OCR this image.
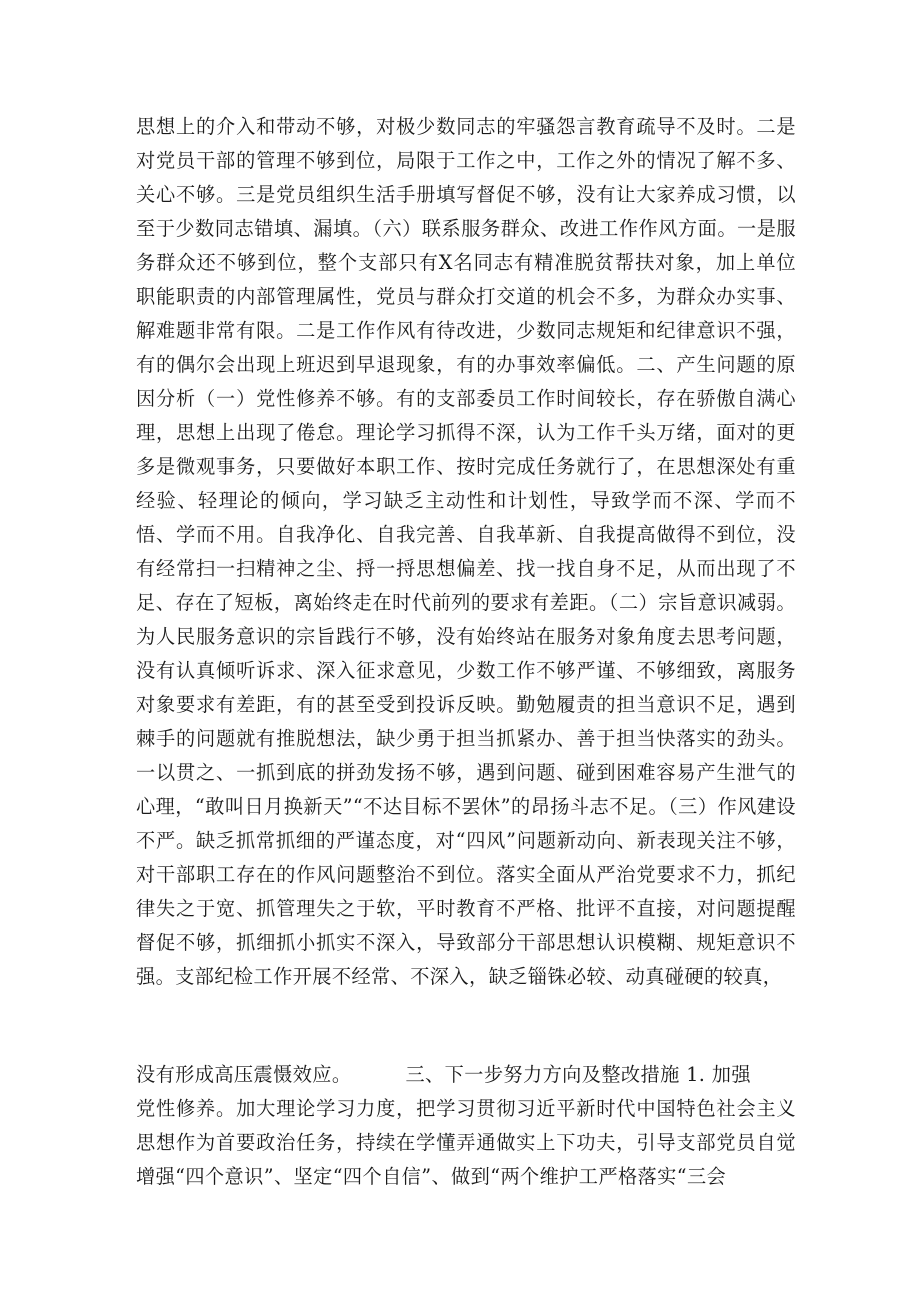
思想上的介入和带动不够，对极少数同志的牢骚怨言教育疏导不及时。二是对党员干部的管理不够到位，局限于工作之中，工作之外的情况了解不多、关心不够。三是党员组织生活手册填写督促不够，没有让大家养成习惯，以至于少数同志错填、漏填。（六）联系服务群众、改进工作作风方面。一是服务群众还不够到位，整个支部只有X名同志有精准脱贫帮扶对象，加上单位职能职责的内部管理属性，党员与群众打交道的机会不多，为群众办实事、解难题非常有限。二是工作作风有待改进，少数同志规矩和纪律意识不强，有的偶尔会出现上班迟到早退现象，有的办事效率偏低。二、产生问题的原因分析（一）党性修养不够。有的支部委员工作时间较长，存在骄傲自满心理，思想上出现了倦怠。理论学习抓得不深，认为工作千头万绪，面对的更多是微观事务，只要做好本职工作、按时完成任务就行了，在思想深处有重经验、轻理论的倾向，学习缺乏主动性和计划性，导致学而不深、学而不悟、学而不用。自我净化、自我完善、自我革新、自我提高做得不到位，没有经常扫一扫精神之尘、捋一捋思想偏差、找一找自身不足，从而出现了不足、存在了短板，离始终走在时代前列的要求有差距。（二）宗旨意识减弱。为人民服务意识的宗旨践行不够，没有始终站在服务对象角度去思考问题，没有认真倾听诉求、深入征求意见，少数工作不够严谨、不够细致，离服务对象要求有差距，有的甚至受到投诉反映。勤勉履责的担当意识不足，遇到棘手的问题就有推脱想法，缺少勇于担当抓紧办、善于担当快落实的劲头。一以贯之、一抓到底的拼劲发扬不够，遇到问题、碰到困难容易产生泄气的心理，“敢叫日月换新天”“不达目标不罢休”的昂扬斗志不足。（三）作风建设不严。缺乏抓常抓细的严谨态度，对“四风”问题新动向、新表现关注不够，对干部职工存在的作风问题整治不到位。落实全面从严治党要求不力，抓纪律失之于宽、抓管理失之于软，平时教育不严格、批评不直接，对问题提醒督促不够，抓细抓小抓实不深入，导致部分干部思想认识模糊、规矩意识不强。支部纪检工作开展不经常、不深入，缺乏锱铢必较、动真碰硬的较真，

没有形成高压震慑效应。	三、下一步努力方向及整改措施 1. 加强

党性修养。加大理论学习力度，把学习贯彻习近平新时代中国特色社会主义思想作为首要政治任务，持续在学懂弄通做实上下功夫，引导支部党员自觉增强“四个意识”、坚定“四个自信”、做到“两个维护工严格落实“三会
